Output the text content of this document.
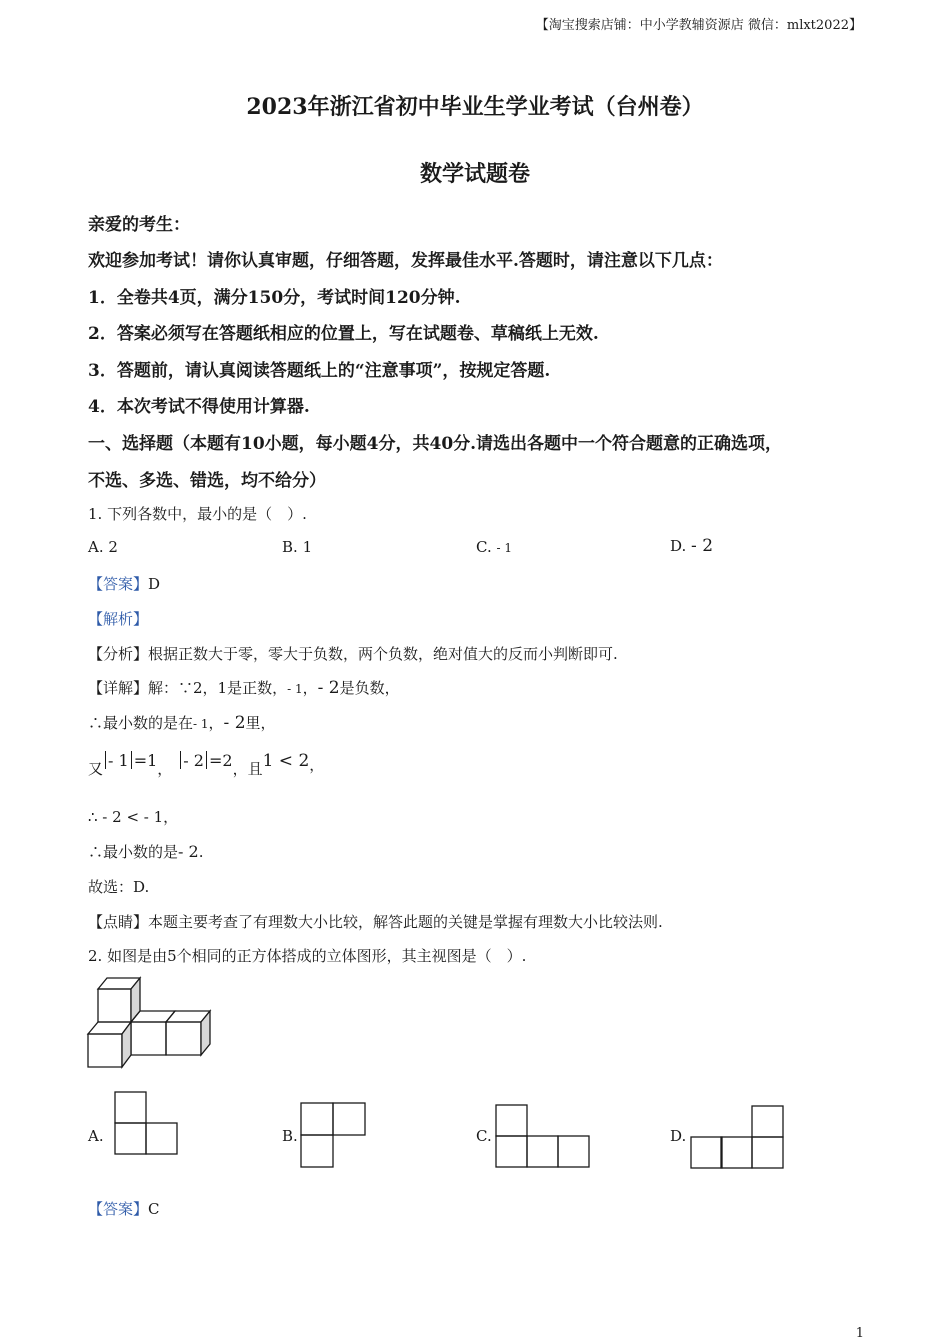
【淘宝搜索店铺：中小学教辅资源店 微信：mlxt2022】
2023年浙江省初中毕业生学业考试（台州卷）
数学试题卷
亲爱的考生：
欢迎参加考试！请你认真审题，仔细答题，发挥最佳水平.答题时，请注意以下几点：
1．全卷共4页，满分150分，考试时间120分钟.
2．答案必须写在答题纸相应的位置上，写在试题卷、草稿纸上无效.
3．答题前，请认真阅读答题纸上的“注意事项”，按规定答题.
4．本次考试不得使用计算器.
一、选择题（本题有10小题，每小题4分，共40分.请选出各题中一个符合题意的正确选项，
不选、多选、错选，均不给分）
1. 下列各数中，最小的是（　）.
A. 2	B. 1	C. - 1	D. - 2
【答案】D
【解析】
【分析】根据正数大于零，零大于负数，两个负数，绝对值大的反而小判断即可.
【详解】解：∵2，1是正数，- 1，- 2是负数，
∴最小数的是在- 1，- 2里，
又 - 1 =1， - 2 =2，且1 < 2，
∴ - 2 < - 1，
∴最小数的是- 2.
故选：D.
【点睛】本题主要考查了有理数大小比较，解答此题的关键是掌握有理数大小比较法则.
2. 如图是由5个相同的正方体搭成的立体图形，其主视图是（　）.
A.	B.	C.	D.
【答案】C
1
